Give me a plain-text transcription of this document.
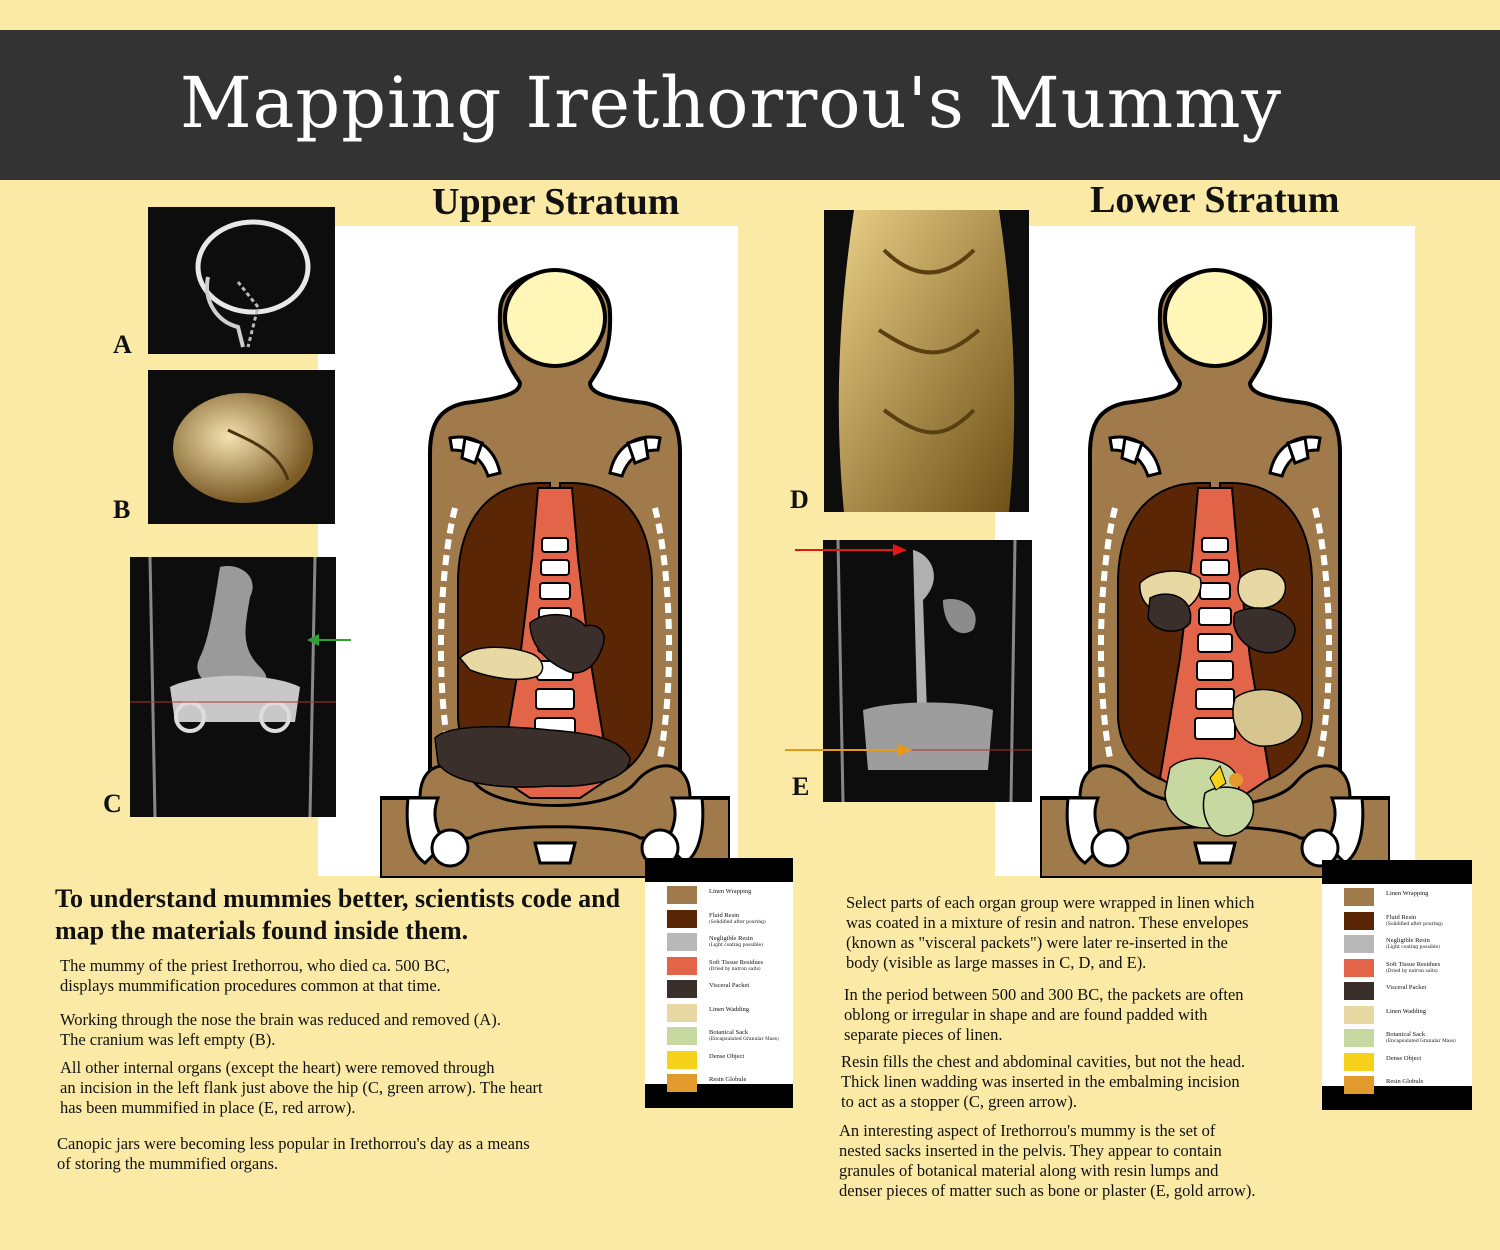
Mapping Irethorrou's Mummy
Upper Stratum	Lower Stratum
A
B
C
D
E
Linen Wrapping
Fluid Resin
(Solidified after pouring)
Negligible Resin
(Light coating possible)
Soft Tissue Residues
(Dried by natron salts)
Visceral Packet
Linen Wadding
Botanical Sack
(Encapsulated Granular Mass)
Dense Object
Resin Globule
Linen Wrapping
Fluid Resin
(Solidified after pouring)
Negligible Resin
(Light coating possible)
Soft Tissue Residues
(Dried by natron salts)
Visceral Packet
Linen Wadding
Botanical Sack
(Encapsulated Granular Mass)
Dense Object
Resin Globule
To understand mummies better, scientists code and map the materials found inside them.
The mummy of the priest Irethorrou, who died ca. 500 BC,
displays mummification procedures common at that time.
Working through the nose the brain was reduced and removed (A).
The cranium was left empty (B).
All other internal organs (except the heart) were removed through
an incision in the left flank just above the hip (C, green arrow). The heart
has been mummified in place (E, red arrow).
Canopic jars were becoming less popular in Irethorrou's day as a means
of storing the mummified organs.
Select parts of each organ group were wrapped in linen which
was coated in a mixture of resin and natron. These envelopes
(known as "visceral packets") were later re-inserted in the
body (visible as large masses in C, D, and E).
In the period between 500 and 300 BC, the packets are often
oblong or irregular in shape and are found padded with
separate pieces of linen.
Resin fills the chest and abdominal cavities, but not the head.
Thick linen wadding was inserted in the embalming incision
to act as a stopper (C, green arrow).
An interesting aspect of Irethorrou's mummy is the set of
nested sacks inserted in the pelvis. They appear to contain
granules of botanical material along with resin lumps and
denser pieces of matter such as bone or plaster (E, gold arrow).
